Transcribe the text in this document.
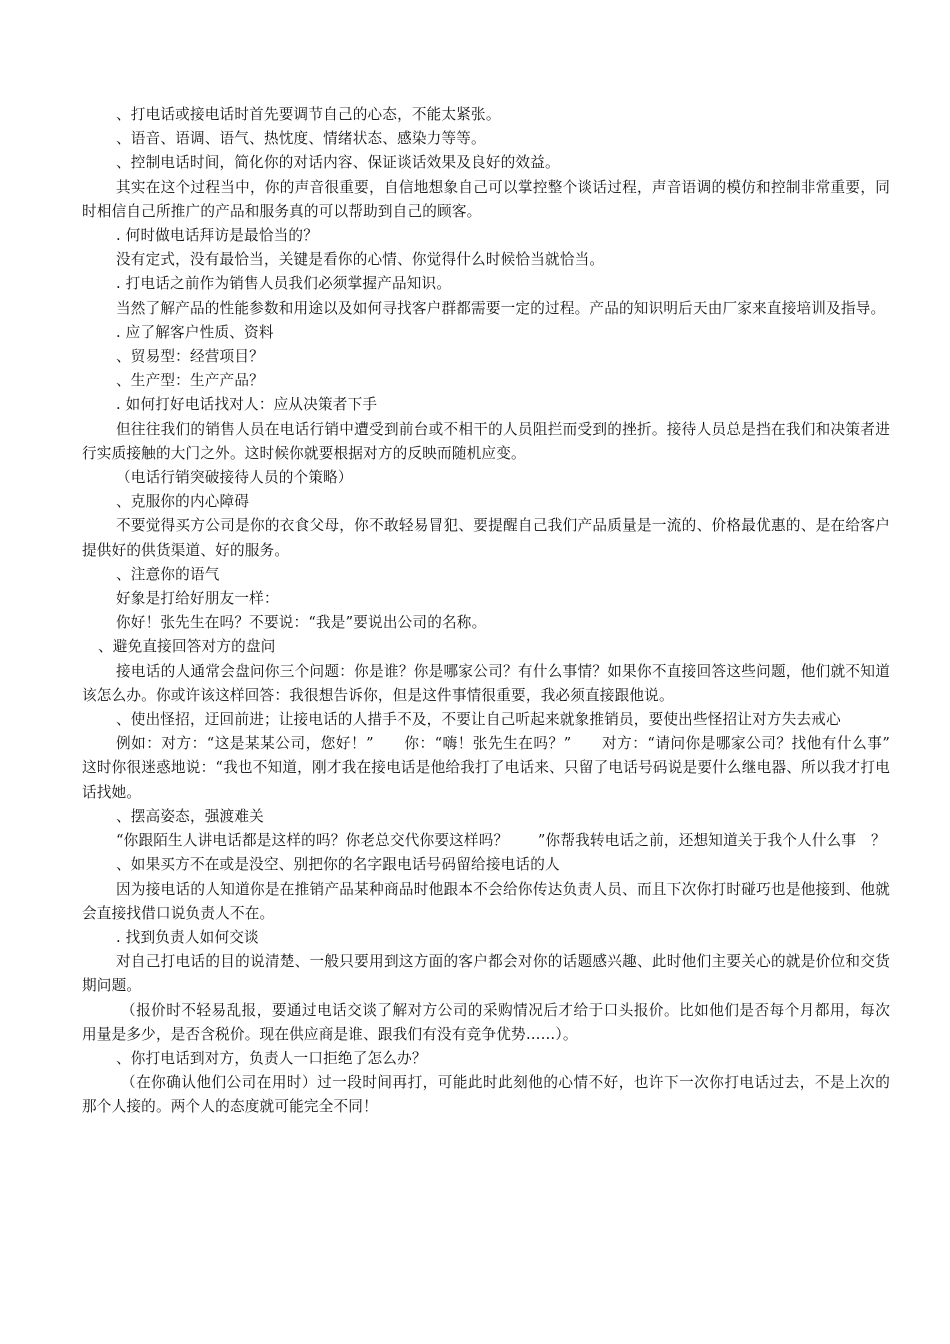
、打电话或接电话时首先要调节自己的心态，不能太紧张。

、语音、语调、语气、热忱度、情绪状态、感染力等等。

、控制电话时间，简化你的对话内容、保证谈话效果及良好的效益。

其实在这个过程当中，你的声音很重要，自信地想象自己可以掌控整个谈话过程，声音语调的模仿和控制非常重要，同时相信自己所推广的产品和服务真的可以帮助到自己的顾客。

. 何时做电话拜访是最恰当的？

没有定式，没有最恰当，关键是看你的心情、你觉得什么时候恰当就恰当。

. 打电话之前作为销售人员我们必须掌握产品知识。

当然了解产品的性能参数和用途以及如何寻找客户群都需要一定的过程。产品的知识明后天由厂家来直接培训及指导。

. 应了解客户性质、资料

、贸易型：经营项目？

、生产型：生产产品？

. 如何打好电话找对人：应从决策者下手

但往往我们的销售人员在电话行销中遭受到前台或不相干的人员阻拦而受到的挫折。接待人员总是挡在我们和决策者进行实质接触的大门之外。这时候你就要根据对方的反映而随机应变。

（电话行销突破接待人员的个策略）

、克服你的内心障碍

不要觉得买方公司是你的衣食父母，你不敢轻易冒犯、要提醒自己我们产品质量是一流的、价格最优惠的、是在给客户提供好的供货渠道、好的服务。

、注意你的语气

好象是打给好朋友一样：

你好！张先生在吗？不要说：“我是”要说出公司的名称。

、避免直接回答对方的盘问

接电话的人通常会盘问你三个问题：你是谁？你是哪家公司？有什么事情？如果你不直接回答这些问题，他们就不知道该怎么办。你或许该这样回答：我很想告诉你，但是这件事情很重要，我必须直接跟他说。

、使出怪招，迂回前进；让接电话的人措手不及，不要让自己听起来就象推销员，要使出些怪招让对方失去戒心

例如：对方：“这是某某公司，您好！”　　你：“嗨！张先生在吗？”　　对方：“请问你是哪家公司？找他有什么事”　　这时你很迷惑地说：“我也不知道，刚才我在接电话是他给我打了电话来、只留了电话号码说是要什么继电器、所以我才打电话找她。

、摆高姿态，强渡难关

“你跟陌生人讲电话都是这样的吗？你老总交代你要这样吗？　　”你帮我转电话之前，还想知道关于我个人什么事　？

、如果买方不在或是没空、别把你的名字跟电话号码留给接电话的人

因为接电话的人知道你是在推销产品某种商品时他跟本不会给你传达负责人员、而且下次你打时碰巧也是他接到、他就会直接找借口说负责人不在。

. 找到负责人如何交谈

对自己打电话的目的说清楚、一般只要用到这方面的客户都会对你的话题感兴趣、此时他们主要关心的就是价位和交货期问题。

（报价时不轻易乱报，要通过电话交谈了解对方公司的采购情况后才给于口头报价。比如他们是否每个月都用，每次用量是多少，是否含税价。现在供应商是谁、跟我们有没有竞争优势……）。

、你打电话到对方，负责人一口拒绝了怎么办？

（在你确认他们公司在用时）过一段时间再打，可能此时此刻他的心情不好，也许下一次你打电话过去，不是上次的那个人接的。两个人的态度就可能完全不同！
